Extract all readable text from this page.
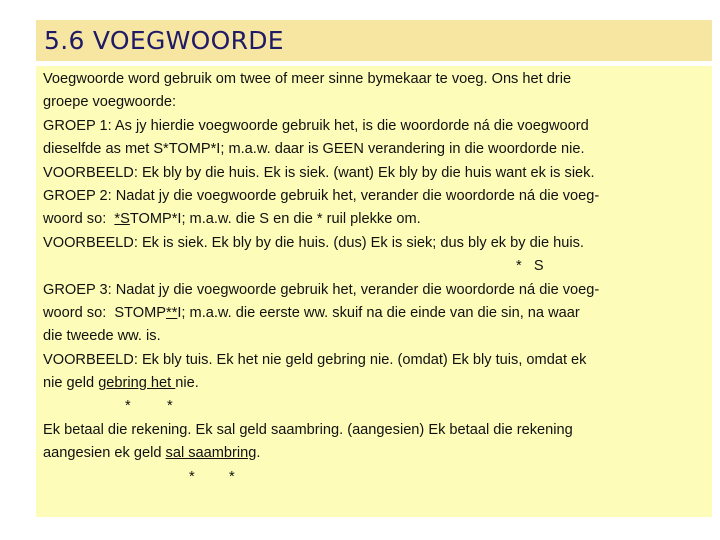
5.6 VOEGWOORDE
Voegwoorde word gebruik om twee of meer sinne bymekaar te voeg. Ons het drie
groepe voegwoorde:
GROEP 1: As jy hierdie voegwoorde gebruik het, is die woordorde ná die voegwoord
dieselfde as met S*TOMP*I; m.a.w. daar is GEEN verandering in die woordorde nie.
VOORBEELD: Ek bly by die huis. Ek is siek. (want) Ek bly by die huis want ek is siek.
GROEP 2: Nadat jy die voegwoorde gebruik het, verander die woordorde ná die voeg-
woord so:  *STOMP*I; m.a.w. die S en die * ruil plekke om.
VOORBEELD: Ek is siek. Ek bly by die huis. (dus) Ek is siek; dus bly ek by die huis.
*   S
GROEP 3: Nadat jy die voegwoorde gebruik het, verander die woordorde ná die voeg-
woord so:  STOMP**I; m.a.w. die eerste ww. skuif na die einde van die sin, na waar
die tweede ww. is.
VOORBEELD: Ek bly tuis. Ek het nie geld gebring nie. (omdat) Ek bly tuis, omdat ek
nie geld gebring het nie.
* *
Ek betaal die rekening. Ek sal geld saambring. (aangesien) Ek betaal die rekening
aangesien ek geld sal saambring.
* *
